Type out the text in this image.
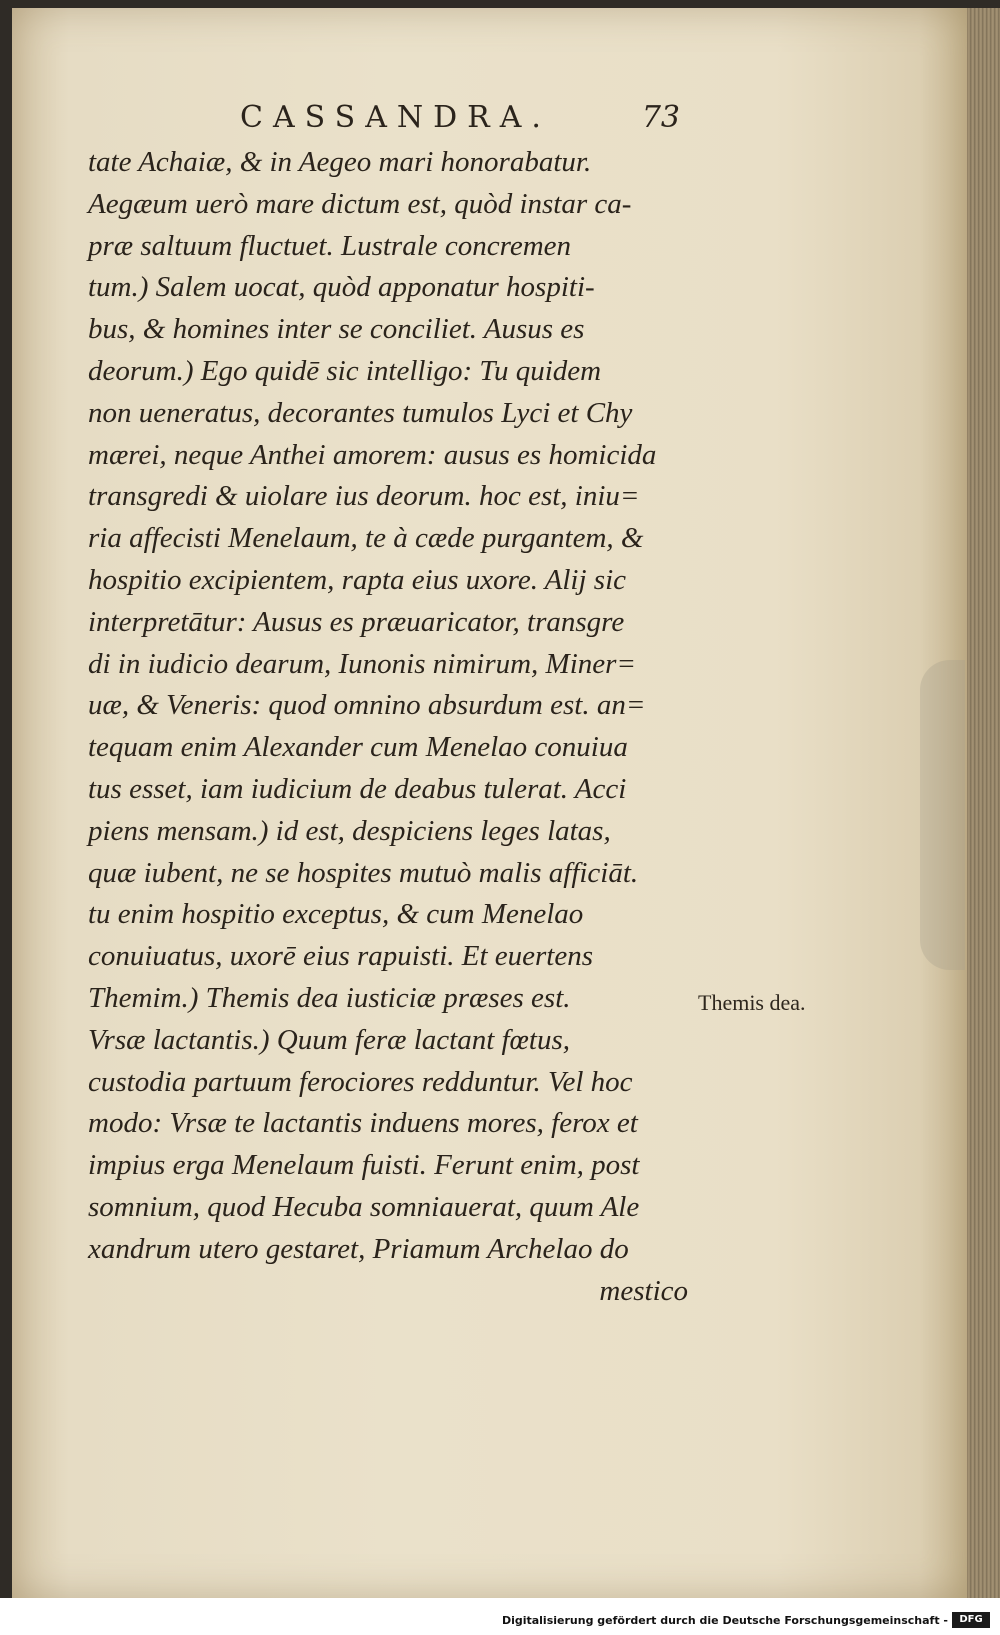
CASSANDRA.	73
tate Achaiæ, & in Aegeo mari honorabatur.
Aegæum uerò mare dictum est, quòd instar ca-
præ saltuum fluctuet. Lustrale concremen
tum.) Salem uocat, quòd apponatur hospiti-
bus, & homines inter se conciliet. Ausus es
deorum.) Ego quidē sic intelligo: Tu quidem
non ueneratus, decorantes tumulos Lyci et Chy
mærei, neque Anthei amorem: ausus es homicida
transgredi & uiolare ius deorum. hoc est, iniu=
ria affecisti Menelaum, te à cæde purgantem, &
hospitio excipientem, rapta eius uxore. Alij sic
interpretātur: Ausus es præuaricator, transgre
di in iudicio dearum, Iunonis nimirum, Miner=
uæ, & Veneris: quod omnino absurdum est. an=
tequam enim Alexander cum Menelao conuiua
tus esset, iam iudicium de deabus tulerat. Acci
piens mensam.) id est, despiciens leges latas,
quæ iubent, ne se hospites mutuò malis afficiāt.
tu enim hospitio exceptus, & cum Menelao
conuiuatus, uxorē eius rapuisti. Et euertens
Themim.) Themis dea iusticiæ præses est.
Vrsæ lactantis.) Quum feræ lactant fœtus,
custodia partuum ferociores redduntur. Vel hoc
modo: Vrsæ te lactantis induens mores, ferox et
impius erga Menelaum fuisti. Ferunt enim, post
somnium, quod Hecuba somniauerat, quum Ale
xandrum utero gestaret, Priamum Archelao do
mestico
Themis dea.
Digitalisierung gefördert durch die Deutsche Forschungsgemeinschaft -	DFG
